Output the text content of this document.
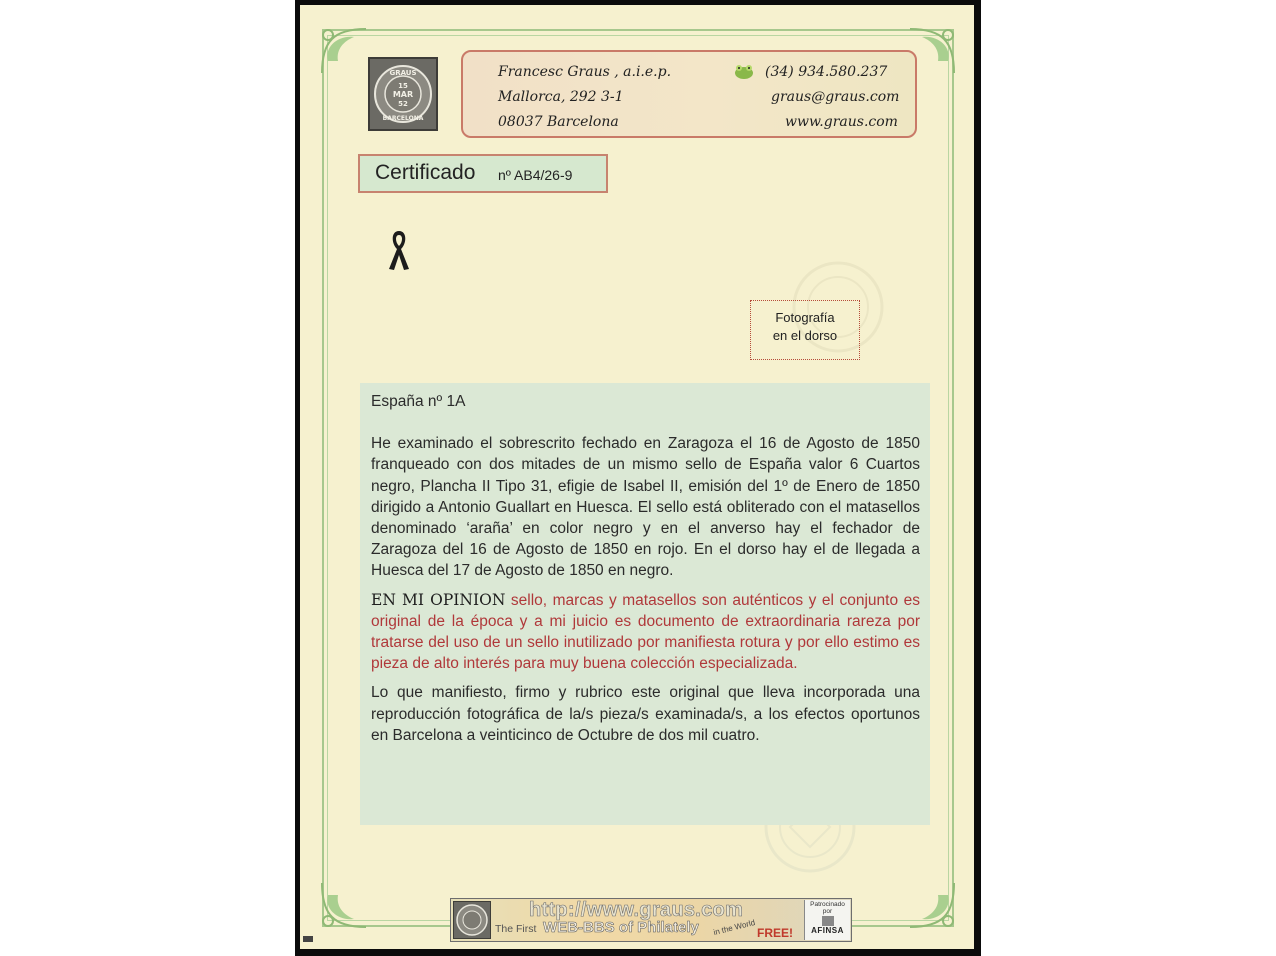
GRAUS
15
MAR
52
BARCELONA
Francesc Graus , a.i.e.p.
Mallorca, 292 3-1
08037 Barcelona
(34) 934.580.237
graus@graus.com
www.graus.com
Certificado nº AB4/26-9
Fotografía
en el dorso

España nº 1A

He examinado el sobrescrito fechado en Zaragoza el 16 de Agosto de 1850 franqueado con dos mitades de un mismo sello de España valor 6 Cuartos negro, Plancha II Tipo 31, efigie de Isabel II, emisión del 1º de Enero de 1850 dirigido a Antonio Guallart en Huesca. El sello está obliterado con el matasellos denominado ‘araña’ en color negro y en el anverso hay el fechador de Zaragoza del 16 de Agosto de 1850 en rojo. En el dorso hay el de llegada a Huesca del 17 de Agosto de 1850 en negro.

EN MI OPINION sello, marcas y matasellos son auténticos y el conjunto es original de la época y a mi juicio es documento de extraordinaria rareza por tratarse del uso de un sello inutilizado por manifiesta rotura y por ello estimo es pieza de alto interés para muy buena colección especializada.

Lo que manifiesto, firmo y rubrico este original que lleva incorporada una reproducción fotográfica de la/s pieza/s examinada/s, a los efectos oportunos en Barcelona a veinticinco de Octubre de dos mil cuatro.

http://www.graus.com
The First WEB-BBS of Philately in the World FREE!
Patrocinado
por
AFINSA
